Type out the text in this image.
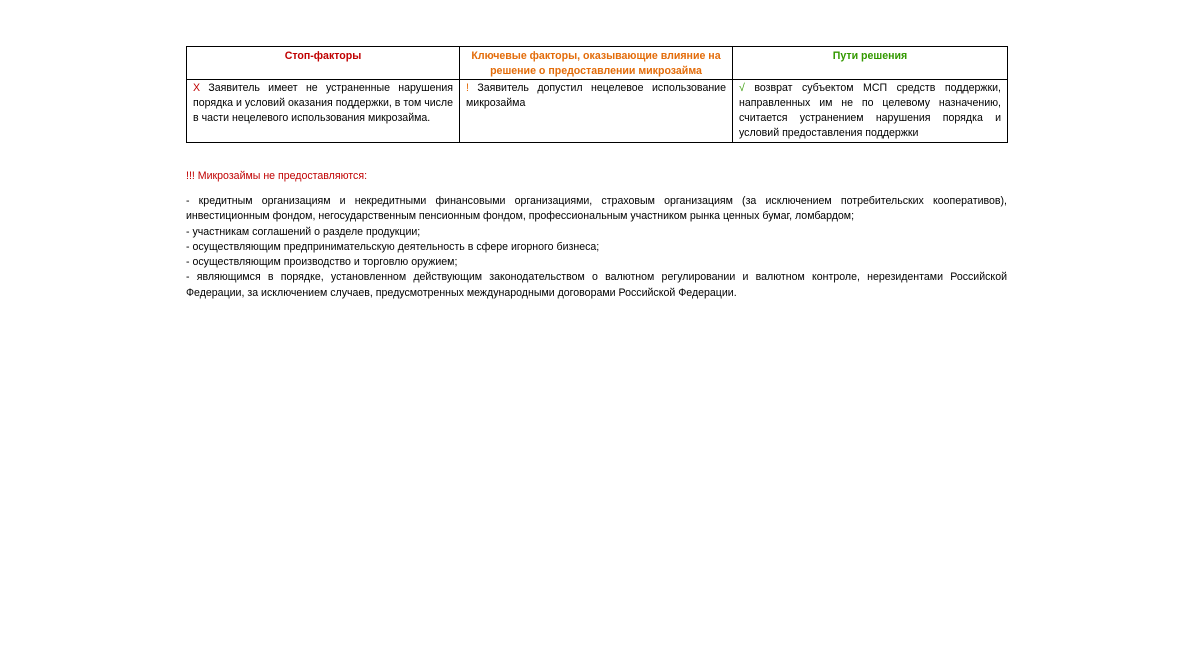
Стоп-факторы	Ключевые факторы, оказывающие влияние на решение о предоставлении микрозайма	Пути решения
Х Заявитель имеет не устраненные нарушения порядка и условий оказания поддержки, в том числе в части нецелевого использования микрозайма.	! Заявитель допустил нецелевое использование микрозайма	√ возврат субъектом МСП средств поддержки, направленных им не по целевому назначению, считается устранением нарушения порядка и условий предоставления поддержки
!!! Микрозаймы не предоставляются:
- кредитным организациям и некредитными финансовыми организациями, страховым организациям (за исключением потребительских кооперативов), инвестиционным фондом, негосударственным пенсионным фондом, профессиональным участником рынка ценных бумаг, ломбардом;
- участникам соглашений о разделе продукции;
- осуществляющим предпринимательскую деятельность в сфере игорного бизнеса;
- осуществляющим производство и торговлю оружием;
- являющимся в порядке, установленном действующим законодательством о валютном регулировании и валютном контроле, нерезидентами Российской Федерации, за исключением случаев, предусмотренных международными договорами Российской Федерации.
